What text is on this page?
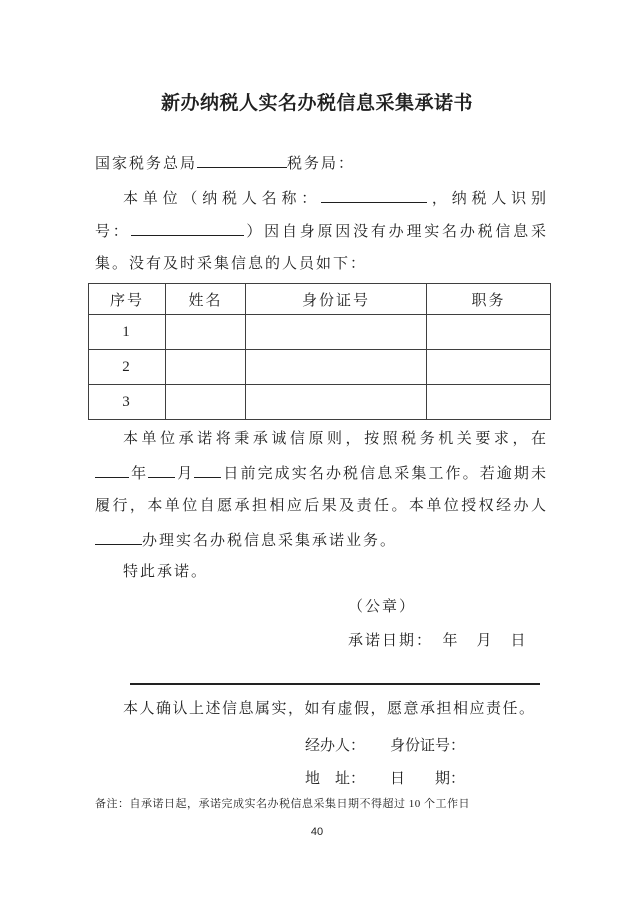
新办纳税人实名办税信息采集承诺书
国家税务总局	税务局：
本单位（纳税人名称：	，纳税人识别
号：	）因自身原因没有办理实名办税信息采
集。没有及时采集信息的人员如下：
序号	姓名	身份证号	职务
1			
2			
3			
本单位承诺将秉承诚信原则，按照税务机关要求，在
年 月 日前完成实名办税信息采集工作。若逾期未
履行，本单位自愿承担相应后果及责任。本单位授权经办人
办理实名办税信息采集承诺业务。
特此承诺。
（公章）
承诺日期：　年　月　日
本人确认上述信息属实，如有虚假，愿意承担相应责任。
经办人： 身份证号：
地　址： 日　　期：
备注：自承诺日起，承诺完成实名办税信息采集日期不得超过 10 个工作日
40
